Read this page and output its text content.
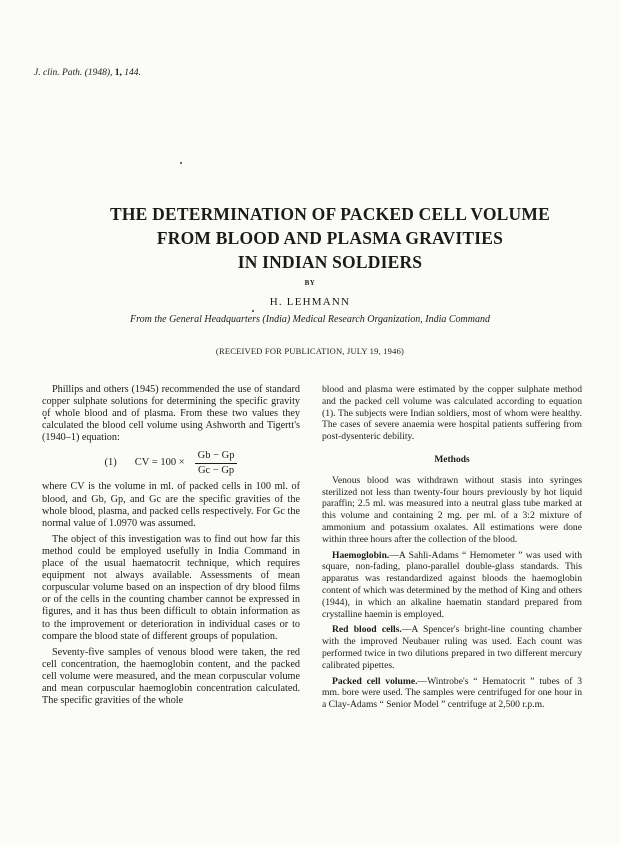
J. clin. Path. (1948), 1, 144.
THE DETERMINATION OF PACKED CELL VOLUME
FROM BLOOD AND PLASMA GRAVITIES
IN INDIAN SOLDIERS
BY
H. LEHMANN
From the General Headquarters (India) Medical Research Organization, India Command
(RECEIVED FOR PUBLICATION, JULY 19, 1946)

Phillips and others (1945) recommended the use of standard copper sulphate solutions for determining the specific gravity of whole blood and of plasma. From these two values they calculated the blood cell volume using Ashworth and Tigertt's (1940–1) equation:

(1) CV = $100 \times \frac{Gb - Gp}{Gc - Gp}$

where CV is the volume in ml. of packed cells in 100 ml. of blood, and Gb, Gp, and Gc are the specific gravities of the whole blood, plasma, and packed cells respectively. For Gc the normal value of 1.0970 was assumed.

The object of this investigation was to find out how far this method could be employed usefully in India Command in place of the usual haematocrit technique, which requires equipment not always available. Assessments of mean corpuscular volume based on an inspection of dry blood films or of the cells in the counting chamber cannot be expressed in figures, and it has thus been difficult to obtain information as to the improvement or deterioration in individual cases or to compare the blood state of different groups of population.

Seventy-five samples of venous blood were taken, the red cell concentration, the haemoglobin content, and the packed cell volume were measured, and the mean corpuscular volume and mean corpuscular haemoglobin concentration calculated. The specific gravities of the whole

blood and plasma were estimated by the copper sulphate method and the packed cell volume was calculated according to equation (1). The subjects were Indian soldiers, most of whom were healthy. The cases of severe anaemia were hospital patients suffering from post-dysenteric debility.

Methods

Venous blood was withdrawn without stasis into syringes sterilized not less than twenty-four hours previously by hot liquid paraffin; 2.5 ml. was measured into a neutral glass tube marked at this volume and containing 2 mg. per ml. of a 3:2 mixture of ammonium and potassium oxalates. All estimations were done within three hours after the collection of the blood.

Haemoglobin.—A Sahli-Adams “ Hemometer ” was used with square, non-fading, plano-parallel double-glass standards. This apparatus was restandardized against bloods the haemoglobin content of which was determined by the method of King and others (1944), in which an alkaline haematin standard prepared from crystalline haemin is employed.

Red blood cells.—A Spencer's bright-line counting chamber with the improved Neubauer ruling was used. Each count was performed twice in two dilutions prepared in two different mercury calibrated pipettes.

Packed cell volume.—Wintrobe's “ Hematocrit ” tubes of 3 mm. bore were used. The samples were centrifuged for one hour in a Clay-Adams “ Senior Model ” centrifuge at 2,500 r.p.m.
